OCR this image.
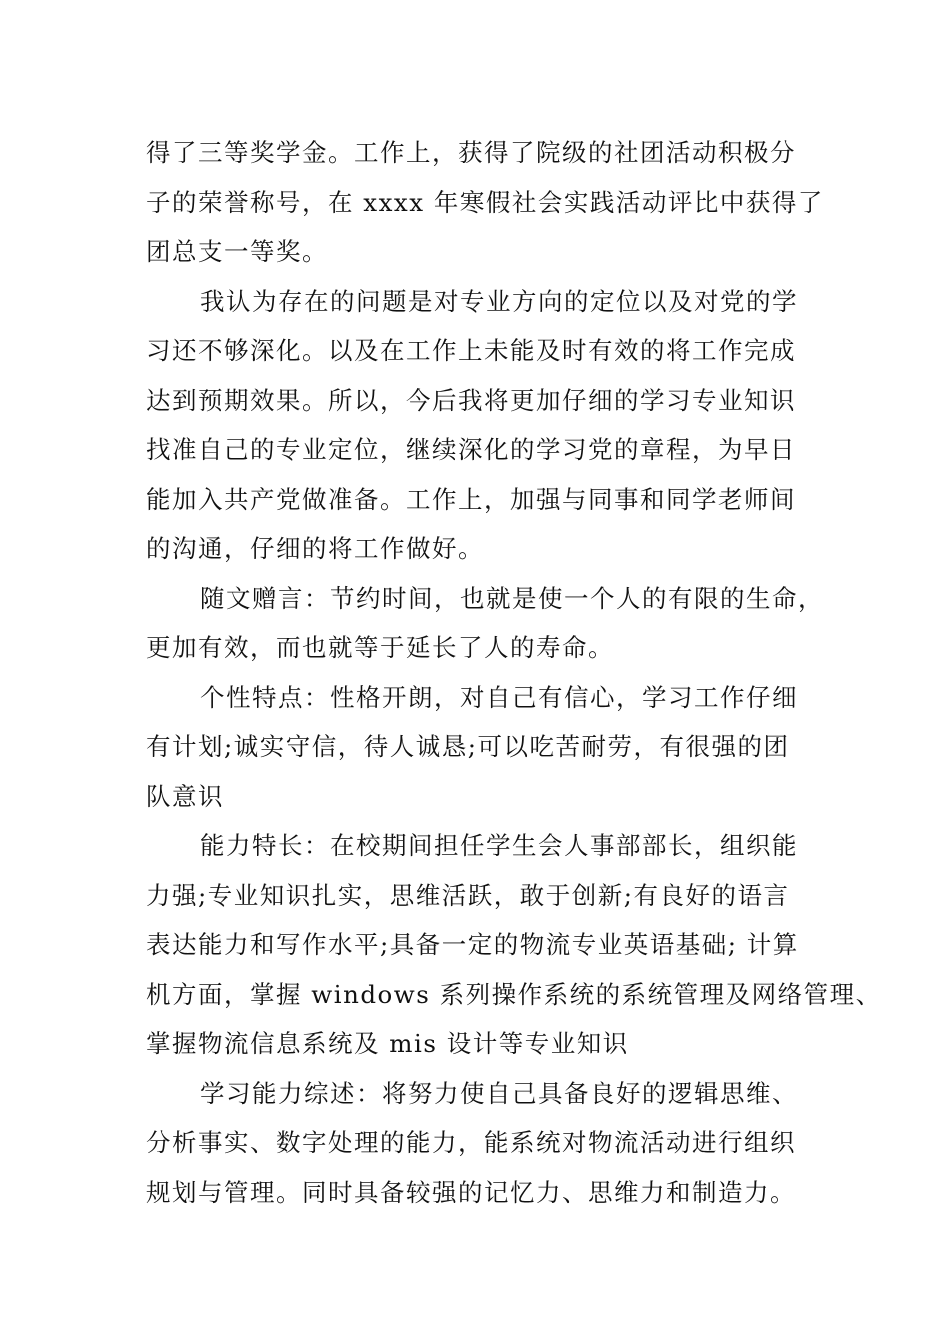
得了三等奖学金。工作上，获得了院级的社团活动积极分
子的荣誉称号，在 xxxx 年寒假社会实践活动评比中获得了
团总支一等奖。
我认为存在的问题是对专业方向的定位以及对党的学
习还不够深化。以及在工作上未能及时有效的将工作完成
达到预期效果。所以，今后我将更加仔细的学习专业知识
找准自己的专业定位，继续深化的学习党的章程，为早日
能加入共产党做准备。工作上，加强与同事和同学老师间
的沟通，仔细的将工作做好。
随文赠言：节约时间，也就是使一个人的有限的生命，
更加有效，而也就等于延长了人的寿命。
个性特点：性格开朗，对自己有信心，学习工作仔细
有计划;诚实守信，待人诚恳;可以吃苦耐劳，有很强的团
队意识
能力特长：在校期间担任学生会人事部部长，组织能
力强;专业知识扎实，思维活跃，敢于创新;有良好的语言
表达能力和写作水平;具备一定的物流专业英语基础; 计算
机方面，掌握 windows 系列操作系统的系统管理及网络管理、
掌握物流信息系统及 mis 设计等专业知识
学习能力综述：将努力使自己具备良好的逻辑思维、
分析事实、数字处理的能力，能系统对物流活动进行组织
规划与管理。同时具备较强的记忆力、思维力和制造力。
